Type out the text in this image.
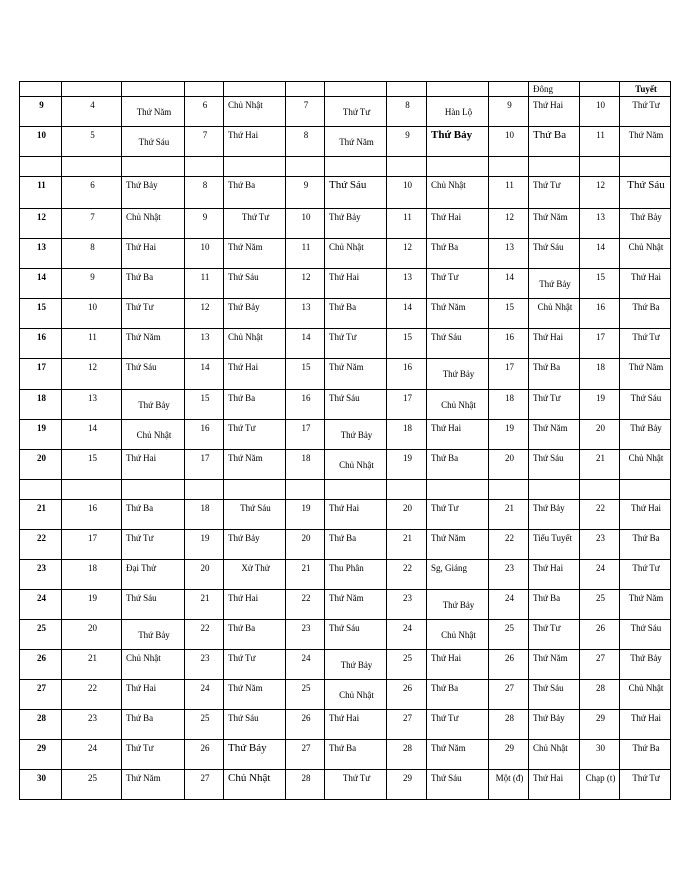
										Đông		Tuyết
9	4	Thứ Năm	6	Chủ Nhật	7	Thứ Tư	8	Hàn Lộ	9	Thứ Hai	10	Thứ Tư
10	5	Thứ Sáu	7	Thứ Hai	8	Thứ Năm	9	Thứ Bảy	10	Thứ Ba	11	Thứ Năm

11	6	Thứ Bảy	8	Thứ Ba	9	Thứ Sáu	10	Chủ Nhật	11	Thứ Tư	12	Thứ Sáu
12	7	Chủ Nhật	9	Thứ Tư	10	Thứ Bảy	11	Thứ Hai	12	Thứ Năm	13	Thứ Bảy
13	8	Thứ Hai	10	Thứ Năm	11	Chủ Nhật	12	Thứ Ba	13	Thứ Sáu	14	Chủ Nhật
14	9	Thứ Ba	11	Thứ Sáu	12	Thứ Hai	13	Thứ Tư	14	Thứ Bảy	15	Thứ Hai
15	10	Thứ Tư	12	Thứ Bảy	13	Thứ Ba	14	Thứ Năm	15	Chủ Nhật	16	Thứ Ba
16	11	Thứ Năm	13	Chủ Nhật	14	Thứ Tư	15	Thứ Sáu	16	Thứ Hai	17	Thứ Tư
17	12	Thứ Sáu	14	Thứ Hai	15	Thứ Năm	16	Thứ Bảy	17	Thứ Ba	18	Thứ Năm
18	13	Thứ Bảy	15	Thứ Ba	16	Thứ Sáu	17	Chủ Nhật	18	Thứ Tư	19	Thứ Sáu
19	14	Chủ Nhật	16	Thứ Tư	17	Thứ Bảy	18	Thứ Hai	19	Thứ Năm	20	Thứ Bảy
20	15	Thứ Hai	17	Thứ Năm	18	Chủ Nhật	19	Thứ Ba	20	Thứ Sáu	21	Chủ Nhật

21	16	Thứ Ba	18	Thứ Sáu	19	Thứ Hai	20	Thứ Tư	21	Thứ Bảy	22	Thứ Hai
22	17	Thứ Tư	19	Thứ Bảy	20	Thứ Ba	21	Thứ Năm	22	Tiểu Tuyết	23	Thứ Ba
23	18	Đại Thử	20	Xử Thử	21	Thu Phân	22	Sg, Giáng	23	Thứ Hai	24	Thứ Tư
24	19	Thứ Sáu	21	Thứ Hai	22	Thứ Năm	23	Thứ Bảy	24	Thứ Ba	25	Thứ Năm
25	20	Thứ Bảy	22	Thứ Ba	23	Thứ Sáu	24	Chủ Nhật	25	Thứ Tư	26	Thứ Sáu
26	21	Chủ Nhật	23	Thứ Tư	24	Thứ Bảy	25	Thứ Hai	26	Thứ Năm	27	Thứ Bảy
27	22	Thứ Hai	24	Thứ Năm	25	Chủ Nhật	26	Thứ Ba	27	Thứ Sáu	28	Chủ Nhật
28	23	Thứ Ba	25	Thứ Sáu	26	Thứ Hai	27	Thứ Tư	28	Thứ Bảy	29	Thứ Hai
29	24	Thứ Tư	26	Thứ Bảy	27	Thứ Ba	28	Thứ Năm	29	Chủ Nhật	30	Thứ Ba
30	25	Thứ Năm	27	Chủ Nhật	28	Thứ Tư	29	Thứ Sáu	Một (đ)	Thứ Hai	Chạp (t)	Thứ Tư
